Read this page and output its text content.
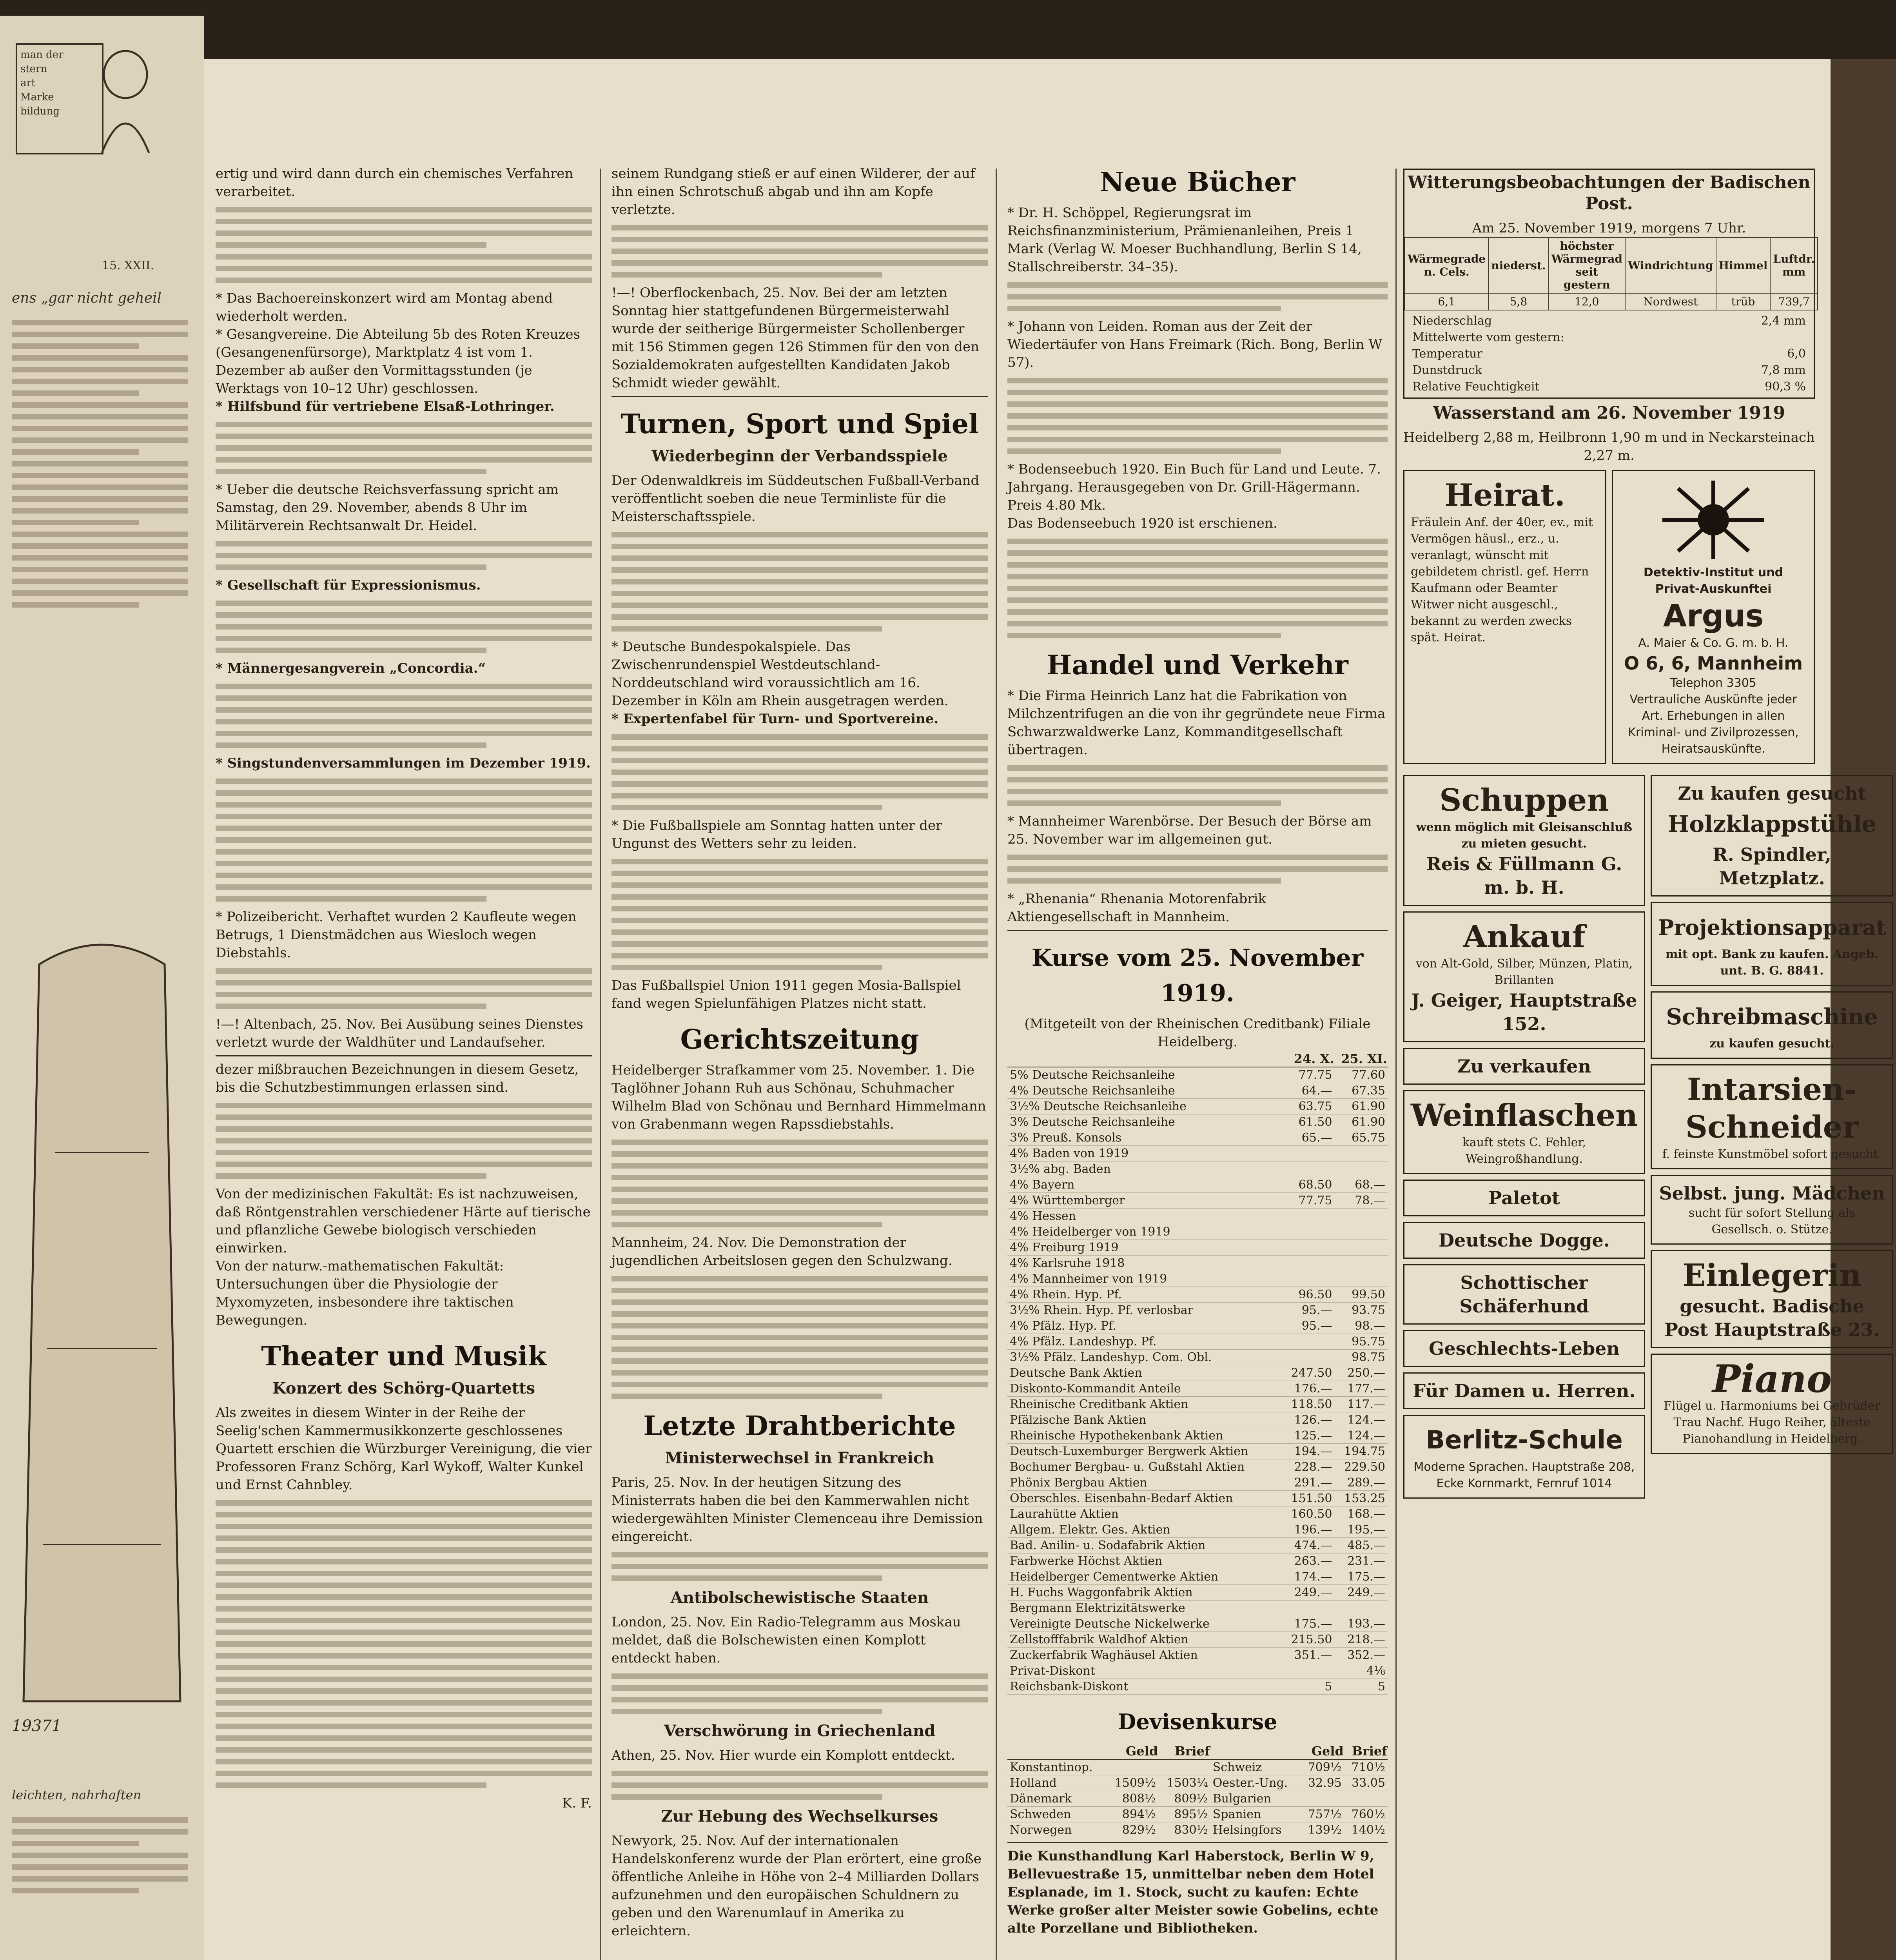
man der
stern
art
Marke
bildung
15. XXII.
ens „gar nicht geheil
19371
leichten, nahrhaften
ertig und wird dann durch ein chemisches Verfahren verarbeitet.
* Das Bachoereinskonzert wird am Montag abend wiederholt werden.
* Gesangvereine. Die Abteilung 5b des Roten Kreuzes (Gesangenenfürsorge), Marktplatz 4 ist vom 1. Dezember ab außer den Vormittagsstunden (je Werktags von 10–12 Uhr) geschlossen.
* Hilfsbund für vertriebene Elsaß-Lothringer.
* Ueber die deutsche Reichsverfassung spricht am Samstag, den 29. November, abends 8 Uhr im Militärverein Rechtsanwalt Dr. Heidel.
* Gesellschaft für Expressionismus.
* Männergesangverein „Concordia.“
* Singstundenversammlungen im Dezember 1919.
* Polizeibericht. Verhaftet wurden 2 Kaufleute wegen Betrugs, 1 Dienstmädchen aus Wiesloch wegen Diebstahls.
!—! Altenbach, 25. Nov. Bei Ausübung seines Dienstes verletzt wurde der Waldhüter und Landaufseher.
dezer mißbrauchen Bezeichnungen in diesem Gesetz, bis die Schutzbestimmungen erlassen sind.
Von der medizinischen Fakultät: Es ist nachzuweisen, daß Röntgenstrahlen verschiedener Härte auf tierische und pflanzliche Gewebe biologisch verschieden einwirken.
Von der naturw.-mathematischen Fakultät: Untersuchungen über die Physiologie der Myxomyzeten, insbesondere ihre taktischen Bewegungen.
Theater und Musik
Konzert des Schörg-Quartetts
Als zweites in diesem Winter in der Reihe der Seelig'schen Kammermusikkonzerte geschlossenes Quartett erschien die Würzburger Vereinigung, die vier Professoren Franz Schörg, Karl Wykoff, Walter Kunkel und Ernst Cahnbley.
K. F.
seinem Rundgang stieß er auf einen Wilderer, der auf ihn einen Schrotschuß abgab und ihn am Kopfe verletzte.
!—! Oberflockenbach, 25. Nov. Bei der am letzten Sonntag hier stattgefundenen Bürgermeisterwahl wurde der seitherige Bürgermeister Schollenberger mit 156 Stimmen gegen 126 Stimmen für den von den Sozialdemokraten aufgestellten Kandidaten Jakob Schmidt wieder gewählt.
Turnen, Sport und Spiel
Wiederbeginn der Verbandsspiele
Der Odenwaldkreis im Süddeutschen Fußball-Verband veröffentlicht soeben die neue Terminliste für die Meisterschaftsspiele.
* Deutsche Bundespokalspiele. Das Zwischenrundenspiel Westdeutschland-Norddeutschland wird voraussichtlich am 16. Dezember in Köln am Rhein ausgetragen werden.
* Expertenfabel für Turn- und Sportvereine.
* Die Fußballspiele am Sonntag hatten unter der Ungunst des Wetters sehr zu leiden.
Das Fußballspiel Union 1911 gegen Mosia-Ballspiel fand wegen Spielunfähigen Platzes nicht statt.
Gerichtszeitung
Heidelberger Strafkammer vom 25. November. 1. Die Taglöhner Johann Ruh aus Schönau, Schuhmacher Wilhelm Blad von Schönau und Bernhard Himmelmann von Grabenmann wegen Rapssdiebstahls.
Mannheim, 24. Nov. Die Demonstration der jugendlichen Arbeitslosen gegen den Schulzwang.
Letzte Drahtberichte
Ministerwechsel in Frankreich
Paris, 25. Nov. In der heutigen Sitzung des Ministerrats haben die bei den Kammerwahlen nicht wiedergewählten Minister Clemenceau ihre Demission eingereicht.
Antibolschewistische Staaten
London, 25. Nov. Ein Radio-Telegramm aus Moskau meldet, daß die Bolschewisten einen Komplott entdeckt haben.
Verschwörung in Griechenland
Athen, 25. Nov. Hier wurde ein Komplott entdeckt.
Zur Hebung des Wechselkurses
Newyork, 25. Nov. Auf der internationalen Handelskonferenz wurde der Plan erörtert, eine große öffentliche Anleihe in Höhe von 2–4 Milliarden Dollars aufzunehmen und den europäischen Schuldnern zu geben und den Warenumlauf in Amerika zu erleichtern.
Neue Bücher
* Dr. H. Schöppel, Regierungsrat im Reichsfinanzministerium, Prämienanleihen, Preis 1 Mark (Verlag W. Moeser Buchhandlung, Berlin S 14, Stallschreiberstr. 34–35).
* Johann von Leiden. Roman aus der Zeit der Wiedertäufer von Hans Freimark (Rich. Bong, Berlin W 57).
* Bodenseebuch 1920. Ein Buch für Land und Leute. 7. Jahrgang. Herausgegeben von Dr. Grill-Hägermann. Preis 4.80 Mk.
Das Bodenseebuch 1920 ist erschienen.
Handel und Verkehr
* Die Firma Heinrich Lanz hat die Fabrikation von Milchzentrifugen an die von ihr gegründete neue Firma Schwarzwaldwerke Lanz, Kommanditgesellschaft übertragen.
* Mannheimer Warenbörse. Der Besuch der Börse am 25. November war im allgemeinen gut.
* „Rhenania“ Rhenania Motorenfabrik Aktiengesellschaft in Mannheim.
Kurse vom 25. November 1919.
(Mitgeteilt von der Rheinischen Creditbank) Filiale Heidelberg.
	24. X.	25. XI.
5% Deutsche Reichsanleihe	77.75	77.60
4% Deutsche Reichsanleihe	64.—	67.35
3½% Deutsche Reichsanleihe	63.75	61.90
3% Deutsche Reichsanleihe	61.50	61.90
3% Preuß. Konsols	65.—	65.75
4% Baden von 1919		
3½% abg. Baden		
4% Bayern	68.50	68.—
4% Württemberger	77.75	78.—
4% Hessen		
4% Heidelberger von 1919		
4% Freiburg 1919		
4% Karlsruhe 1918		
4% Mannheimer von 1919		
4% Rhein. Hyp. Pf.	96.50	99.50
3½% Rhein. Hyp. Pf. verlosbar	95.—	93.75
4% Pfälz. Hyp. Pf.	95.—	98.—
4% Pfälz. Landeshyp. Pf.		95.75
3½% Pfälz. Landeshyp. Com. Obl.		98.75
Deutsche Bank Aktien	247.50	250.—
Diskonto-Kommandit Anteile	176.—	177.—
Rheinische Creditbank Aktien	118.50	117.—
Pfälzische Bank Aktien	126.—	124.—
Rheinische Hypothekenbank Aktien	125.—	124.—
Deutsch-Luxemburger Bergwerk Aktien	194.—	194.75
Bochumer Bergbau- u. Gußstahl Aktien	228.—	229.50
Phönix Bergbau Aktien	291.—	289.—
Oberschles. Eisenbahn-Bedarf Aktien	151.50	153.25
Laurahütte Aktien	160.50	168.—
Allgem. Elektr. Ges. Aktien	196.—	195.—
Bad. Anilin- u. Sodafabrik Aktien	474.—	485.—
Farbwerke Höchst Aktien	263.—	231.—
Heidelberger Cementwerke Aktien	174.—	175.—
H. Fuchs Waggonfabrik Aktien	249.—	249.—
Bergmann Elektrizitätswerke		
Vereinigte Deutsche Nickelwerke	175.—	193.—
Zellstofffabrik Waldhof Aktien	215.50	218.—
Zuckerfabrik Waghäusel Aktien	351.—	352.—
Privat-Diskont		4⅛
Reichsbank-Diskont	5	5
Devisenkurse
	Geld	Brief		Geld	Brief
Konstantinop.			Schweiz	709½	710½
Holland	1509½	1503¼	Oester.-Ung.	32.95	33.05
Dänemark	808½	809½	Bulgarien		
Schweden	894½	895½	Spanien	757½	760½
Norwegen	829½	830½	Helsingfors	139½	140½
Die Kunsthandlung Karl Haberstock, Berlin W 9, Bellevuestraße 15, unmittelbar neben dem Hotel Esplanade, im 1. Stock, sucht zu kaufen: Echte Werke großer alter Meister sowie Gobelins, echte alte Porzellane und Bibliotheken.
Witterungsbeobachtungen der Badischen Post.
Am 25. November 1919, morgens 7 Uhr.
Wärmegrade n. Cels.	niederst.	höchster Wärmegrad seit gestern	Windrichtung	Himmel	Luftdr. mm
6,1	5,8	12,0	Nordwest	trüb	739,7
Niederschlag	2,4 mm
Mittelwerte vom gestern:
Temperatur	6,0
Dunstdruck	7,8 mm
Relative Feuchtigkeit	90,3 %
Wasserstand am 26. November 1919
Heidelberg 2,88 m, Heilbronn 1,90 m und in Neckarsteinach 2,27 m.
Heirat.
Fräulein Anf. der 40er, ev., mit Vermögen häusl., erz., u. veranlagt, wünscht mit gebildetem christl. gef. Herrn Kaufmann oder Beamter Witwer nicht ausgeschl., bekannt zu werden zwecks spät. Heirat.
Detektiv-Institut und Privat-Auskunftei
Argus
A. Maier & Co. G. m. b. H.
O 6, 6, Mannheim
Telephon 3305
Vertrauliche Auskünfte jeder Art. Erhebungen in allen Kriminal- und Zivilprozessen, Heiratsauskünfte.
Schuppen
wenn möglich mit Gleisanschluß zu mieten gesucht.
Reis & Füllmann G. m. b. H.
Ankauf
von Alt-Gold, Silber, Münzen, Platin, Brillanten
J. Geiger, Hauptstraße 152.
Zu verkaufen
Weinflaschen
kauft stets C. Fehler, Weingroßhandlung.
Paletot
Deutsche Dogge.
Schottischer Schäferhund
Geschlechts-Leben
Für Damen u. Herren.
Berlitz-Schule
Moderne Sprachen. Hauptstraße 208, Ecke Kornmarkt, Fernruf 1014
Zu kaufen gesucht
Holzklappstühle
R. Spindler, Metzplatz.
Projektionsapparat
mit opt. Bank zu kaufen. Angeb. unt. B. G. 8841.
Schreibmaschine
zu kaufen gesucht.
Intarsien-Schneider
f. feinste Kunstmöbel sofort gesucht.
Selbst. jung. Mädchen
sucht für sofort Stellung als Gesellsch. o. Stütze.
Einlegerin
gesucht. Badische Post Hauptstraße 23.
Piano
Flügel u. Harmoniums bei Gebrüder Trau Nachf. Hugo Reiher, älteste Pianohandlung in Heidelberg.
